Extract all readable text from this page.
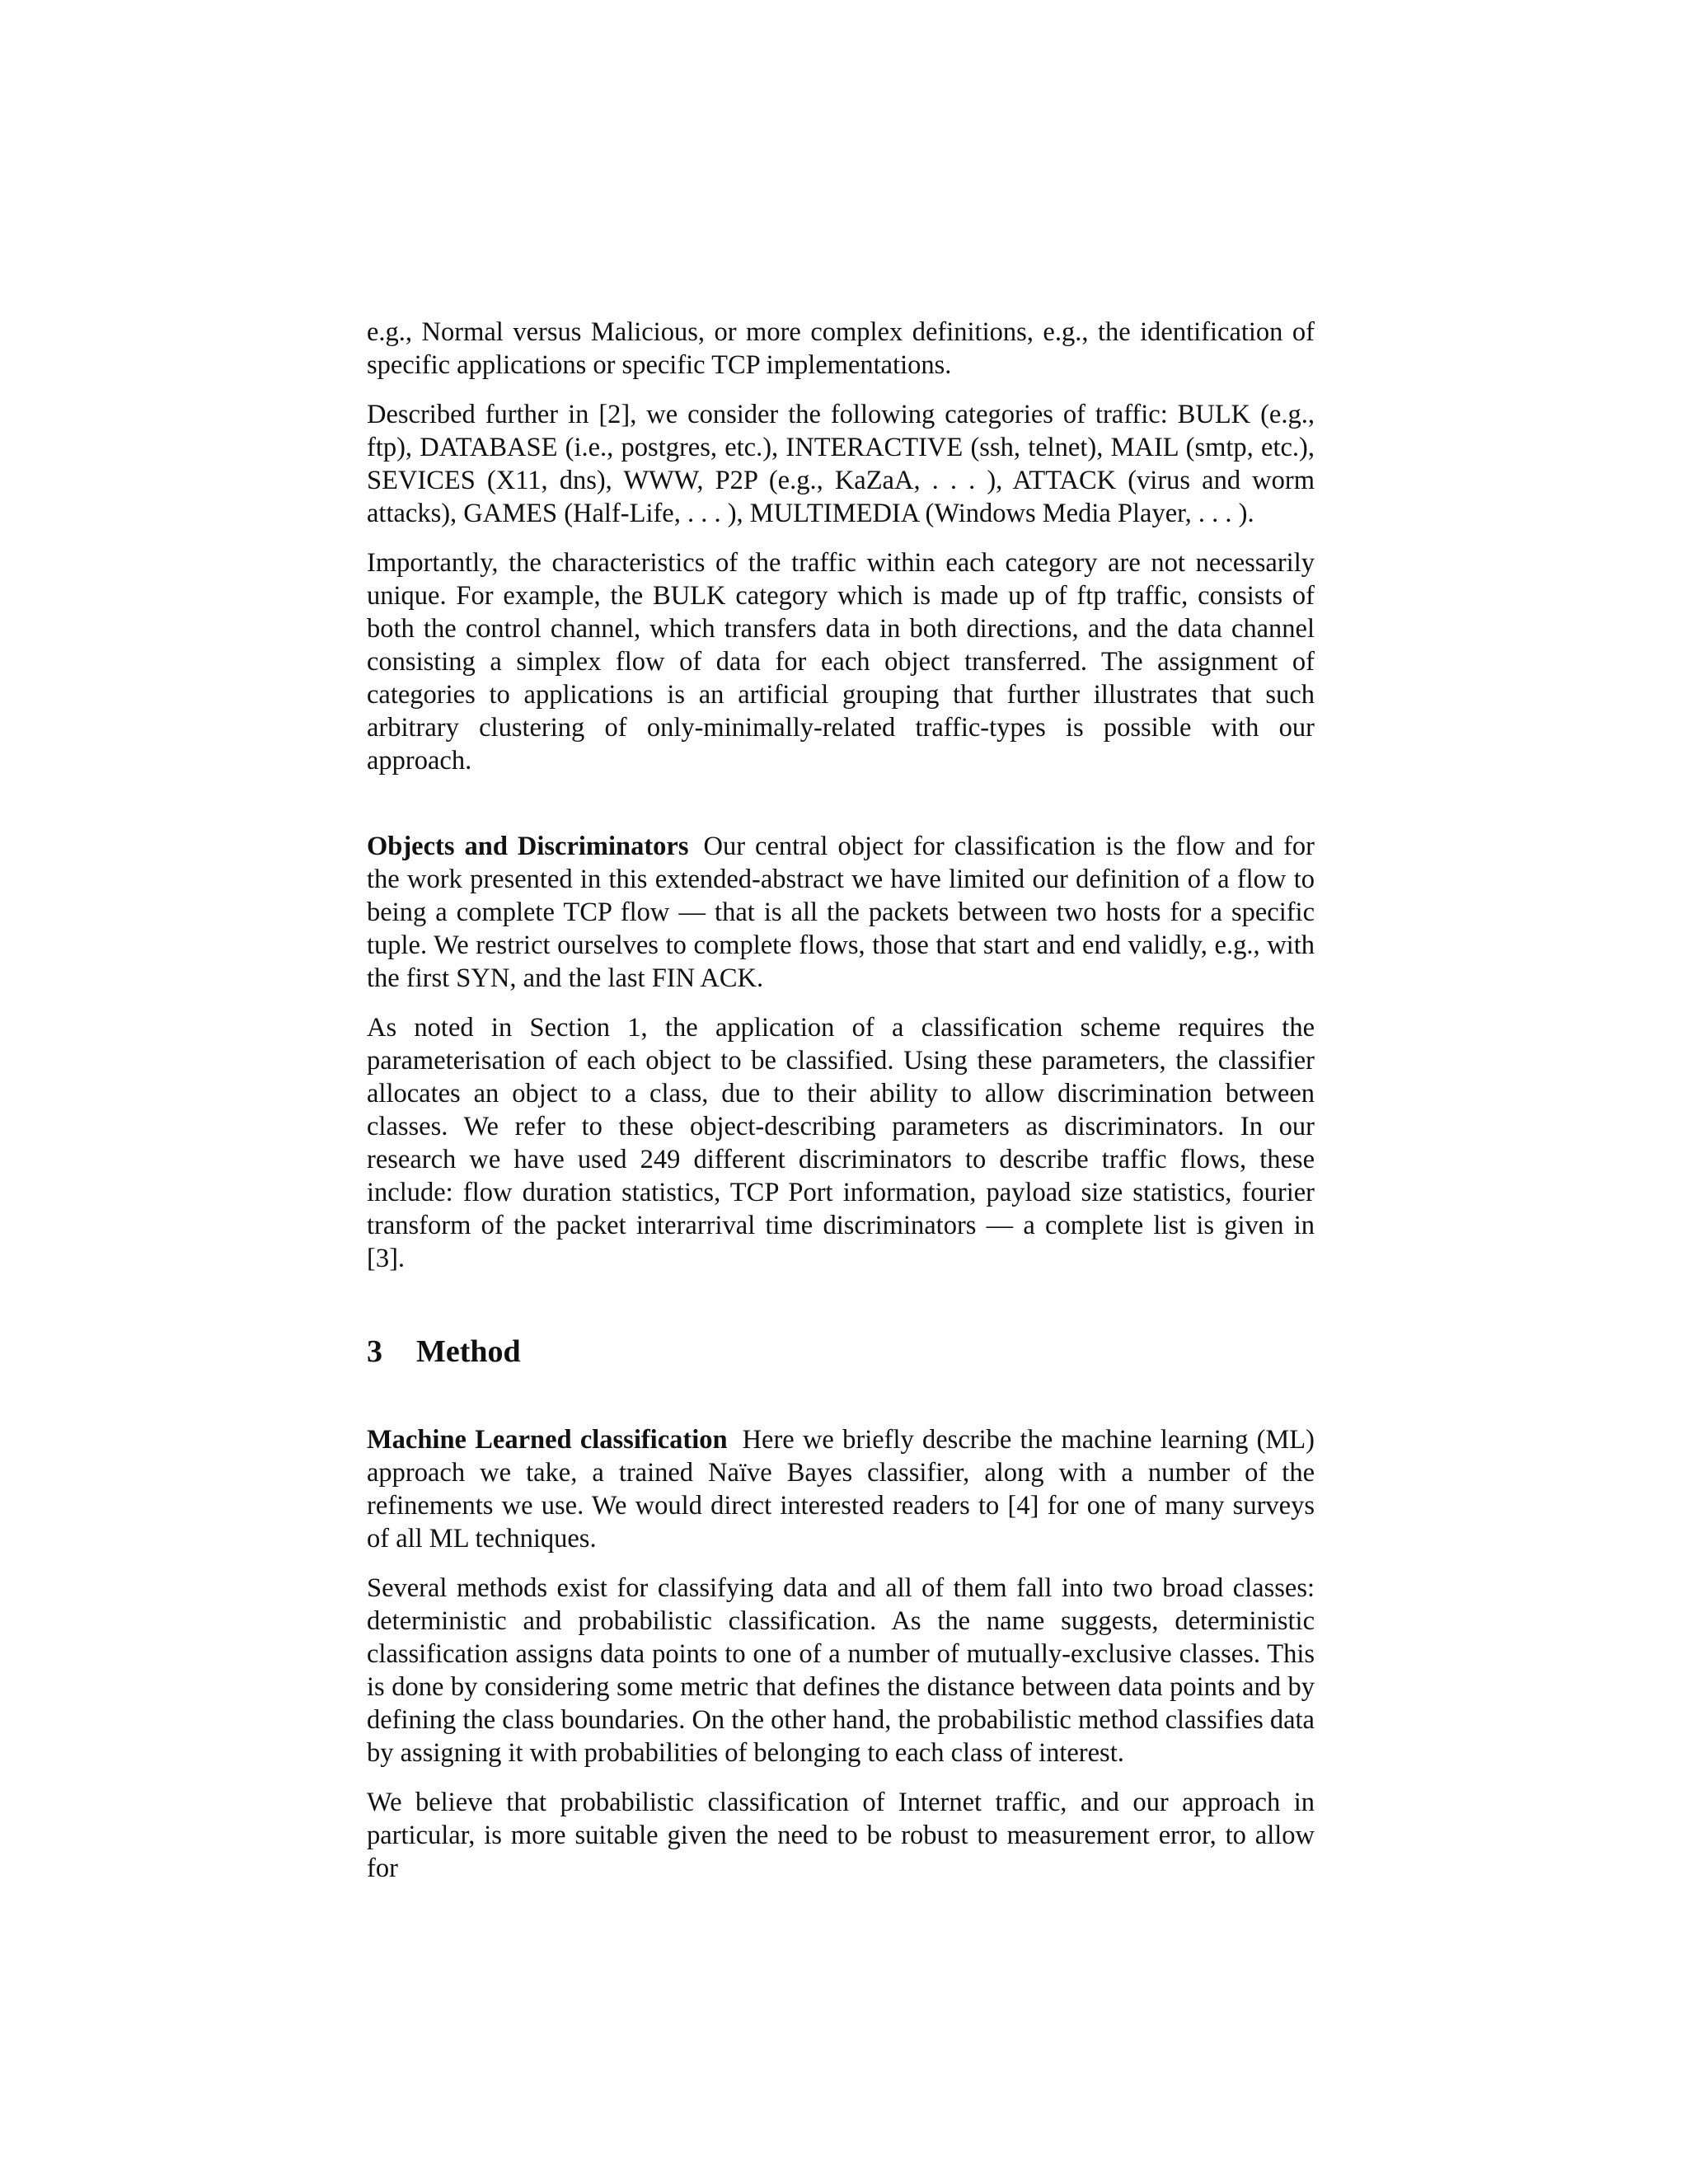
e.g., Normal versus Malicious, or more complex definitions, e.g., the identification of specific applications or specific TCP implementations.

Described further in [2], we consider the following categories of traffic: BULK (e.g., ftp), DATABASE (i.e., postgres, etc.), INTERACTIVE (ssh, telnet), MAIL (smtp, etc.), SEVICES (X11, dns), WWW, P2P (e.g., KaZaA, . . . ), ATTACK (virus and worm attacks), GAMES (Half-Life, . . . ), MULTIMEDIA (Windows Media Player, . . . ).

Importantly, the characteristics of the traffic within each category are not necessarily unique. For example, the BULK category which is made up of ftp traffic, consists of both the control channel, which transfers data in both directions, and the data channel consisting a simplex flow of data for each object transferred. The assignment of categories to applications is an artificial grouping that further illustrates that such arbitrary clustering of only-minimally-related traffic-types is possible with our approach.

Objects and Discriminators Our central object for classification is the flow and for the work presented in this extended-abstract we have limited our definition of a flow to being a complete TCP flow — that is all the packets between two hosts for a specific tuple. We restrict ourselves to complete flows, those that start and end validly, e.g., with the first SYN, and the last FIN ACK.

As noted in Section 1, the application of a classification scheme requires the parameterisation of each object to be classified. Using these parameters, the classifier allocates an object to a class, due to their ability to allow discrimination between classes. We refer to these object-describing parameters as discriminators. In our research we have used 249 different discriminators to describe traffic flows, these include: flow duration statistics, TCP Port information, payload size statistics, fourier transform of the packet interarrival time discriminators — a complete list is given in [3].

3 Method

Machine Learned classification Here we briefly describe the machine learning (ML) approach we take, a trained Naïve Bayes classifier, along with a number of the refinements we use. We would direct interested readers to [4] for one of many surveys of all ML techniques.

Several methods exist for classifying data and all of them fall into two broad classes: deterministic and probabilistic classification. As the name suggests, deterministic classification assigns data points to one of a number of mutually-exclusive classes. This is done by considering some metric that defines the distance between data points and by defining the class boundaries. On the other hand, the probabilistic method classifies data by assigning it with probabilities of belonging to each class of interest.

We believe that probabilistic classification of Internet traffic, and our approach in particular, is more suitable given the need to be robust to measurement error, to allow for
